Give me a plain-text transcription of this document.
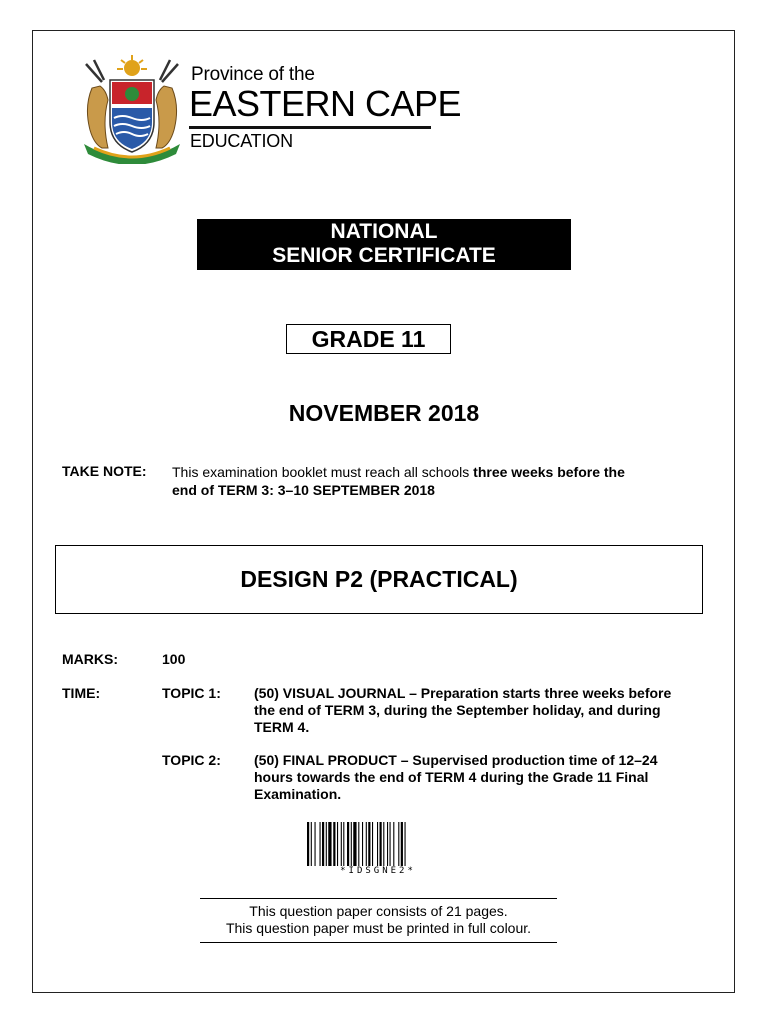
Province of the
EASTERN CAPE
EDUCATION
NATIONAL
SENIOR CERTIFICATE
GRADE 11
NOVEMBER 2018
TAKE NOTE: This examination booklet must reach all schools three weeks before the
end of TERM 3: 3–10 SEPTEMBER 2018
DESIGN P2 (PRACTICAL)
MARKS:	100
TIME:	TOPIC 1: (50) VISUAL JOURNAL – Preparation starts three weeks before the end of TERM 3, during the September holiday, and during TERM 4.
TOPIC 2: (50) FINAL PRODUCT – Supervised production time of 12–24 hours towards the end of TERM 4 during the Grade 11 Final Examination.
*IDSGNE2*
This question paper consists of 21 pages.
This question paper must be printed in full colour.
